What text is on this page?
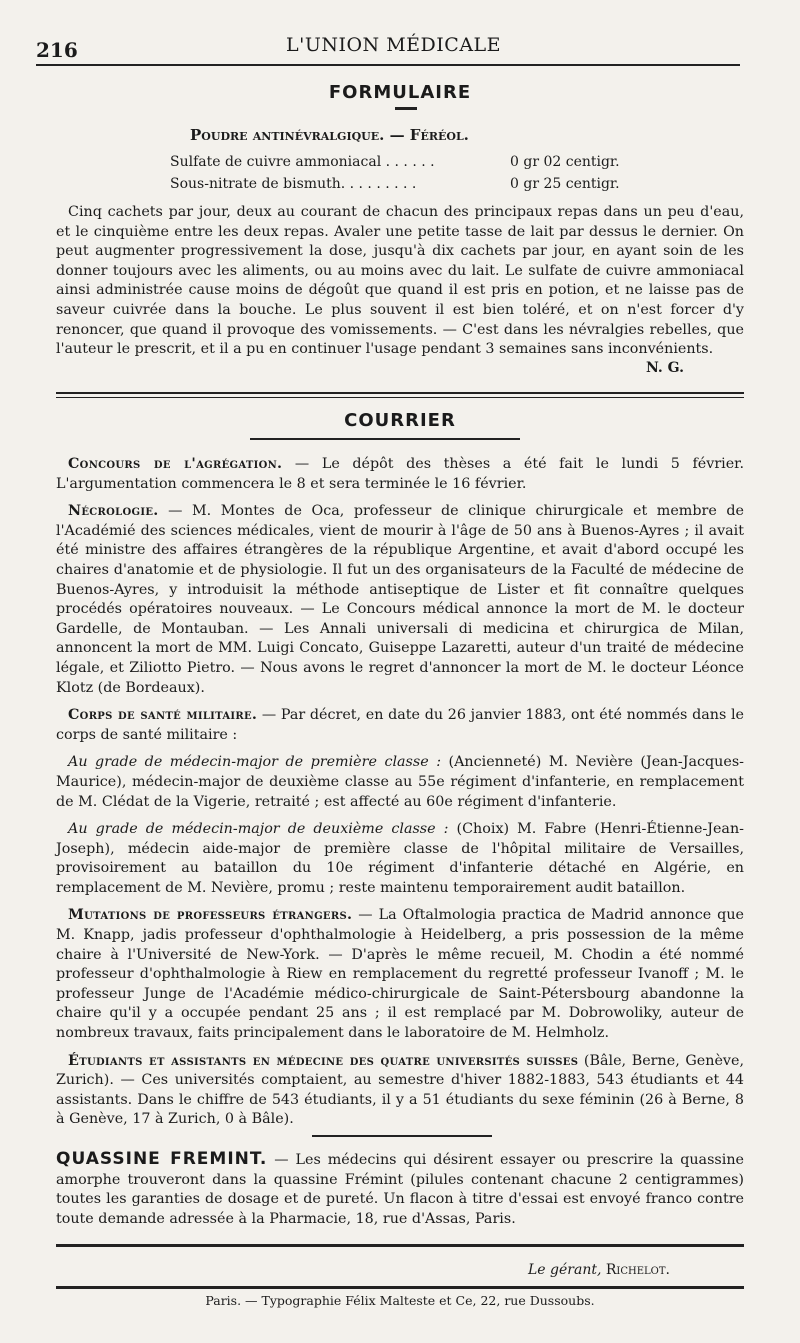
216	L'UNION MÉDICALE
FORMULAIRE
Poudre antinévralgique. — Féréol.
Sulfate de cuivre ammoniacal . . . . . .	0 gr 02 centigr.
Sous-nitrate de bismuth. . . . . . . . .	0 gr 25 centigr.
Cinq cachets par jour, deux au courant de chacun des principaux repas dans un peu d'eau, et le cinquième entre les deux repas. Avaler une petite tasse de lait par dessus le dernier. On peut augmenter progressivement la dose, jusqu'à dix cachets par jour, en ayant soin de les donner toujours avec les aliments, ou au moins avec du lait. Le sulfate de cuivre ammoniacal ainsi administrée cause moins de dégoût que quand il est pris en potion, et ne laisse pas de saveur cuivrée dans la bouche. Le plus souvent il est bien toléré, et on n'est forcer d'y renoncer, que quand il provoque des vomissements. — C'est dans les névralgies rebelles, que l'auteur le prescrit, et il a pu en continuer l'usage pendant 3 semaines sans inconvénients.
N. G.
COURRIER

Concours de l'agrégation. — Le dépôt des thèses a été fait le lundi 5 février. L'argumentation commencera le 8 et sera terminée le 16 février.

Nécrologie. — M. Montes de Oca, professeur de clinique chirurgicale et membre de l'Académié des sciences médicales, vient de mourir à l'âge de 50 ans à Buenos-Ayres ; il avait été ministre des affaires étrangères de la république Argentine, et avait d'abord occupé les chaires d'anatomie et de physiologie. Il fut un des organisateurs de la Faculté de médecine de Buenos-Ayres, y introduisit la méthode antiseptique de Lister et fit connaître quelques procédés opératoires nouveaux. — Le Concours médical annonce la mort de M. le docteur Gardelle, de Montauban. — Les Annali universali di medicina et chirurgica de Milan, annoncent la mort de MM. Luigi Concato, Guiseppe Lazaretti, auteur d'un traité de médecine légale, et Ziliotto Pietro. — Nous avons le regret d'annoncer la mort de M. le docteur Léonce Klotz (de Bordeaux).

Corps de santé militaire. — Par décret, en date du 26 janvier 1883, ont été nommés dans le corps de santé militaire :

Au grade de médecin-major de première classe : (Ancienneté) M. Nevière (Jean-Jacques-Maurice), médecin-major de deuxième classe au 55e régiment d'infanterie, en remplacement de M. Clédat de la Vigerie, retraité ; est affecté au 60e régiment d'infanterie.

Au grade de médecin-major de deuxième classe : (Choix) M. Fabre (Henri-Étienne-Jean-Joseph), médecin aide-major de première classe de l'hôpital militaire de Versailles, provisoirement au bataillon du 10e régiment d'infanterie détaché en Algérie, en remplacement de M. Nevière, promu ; reste maintenu temporairement audit bataillon.

Mutations de professeurs étrangers. — La Oftalmologia practica de Madrid annonce que M. Knapp, jadis professeur d'ophthalmologie à Heidelberg, a pris possession de la même chaire à l'Université de New-York. — D'après le même recueil, M. Chodin a été nommé professeur d'ophthalmologie à Riew en remplacement du regretté professeur Ivanoff ; M. le professeur Junge de l'Académie médico-chirurgicale de Saint-Pétersbourg abandonne la chaire qu'il y a occupée pendant 25 ans ; il est remplacé par M. Dobrowoliky, auteur de nombreux travaux, faits principalement dans le laboratoire de M. Helmholz.

Étudiants et assistants en médecine des quatre universités suisses (Bâle, Berne, Genève, Zurich). — Ces universités comptaient, au semestre d'hiver 1882-1883, 543 étudiants et 44 assistants. Dans le chiffre de 543 étudiants, il y a 51 étudiants du sexe féminin (26 à Berne, 8 à Genève, 17 à Zurich, 0 à Bâle).

QUASSINE FREMINT. — Les médecins qui désirent essayer ou prescrire la quassine amorphe trouveront dans la quassine Frémint (pilules contenant chacune 2 centigrammes) toutes les garanties de dosage et de pureté. Un flacon à titre d'essai est envoyé franco contre toute demande adressée à la Pharmacie, 18, rue d'Assas, Paris.
Le gérant, Richelot.
Paris. — Typographie Félix Malteste et Ce, 22, rue Dussoubs.
